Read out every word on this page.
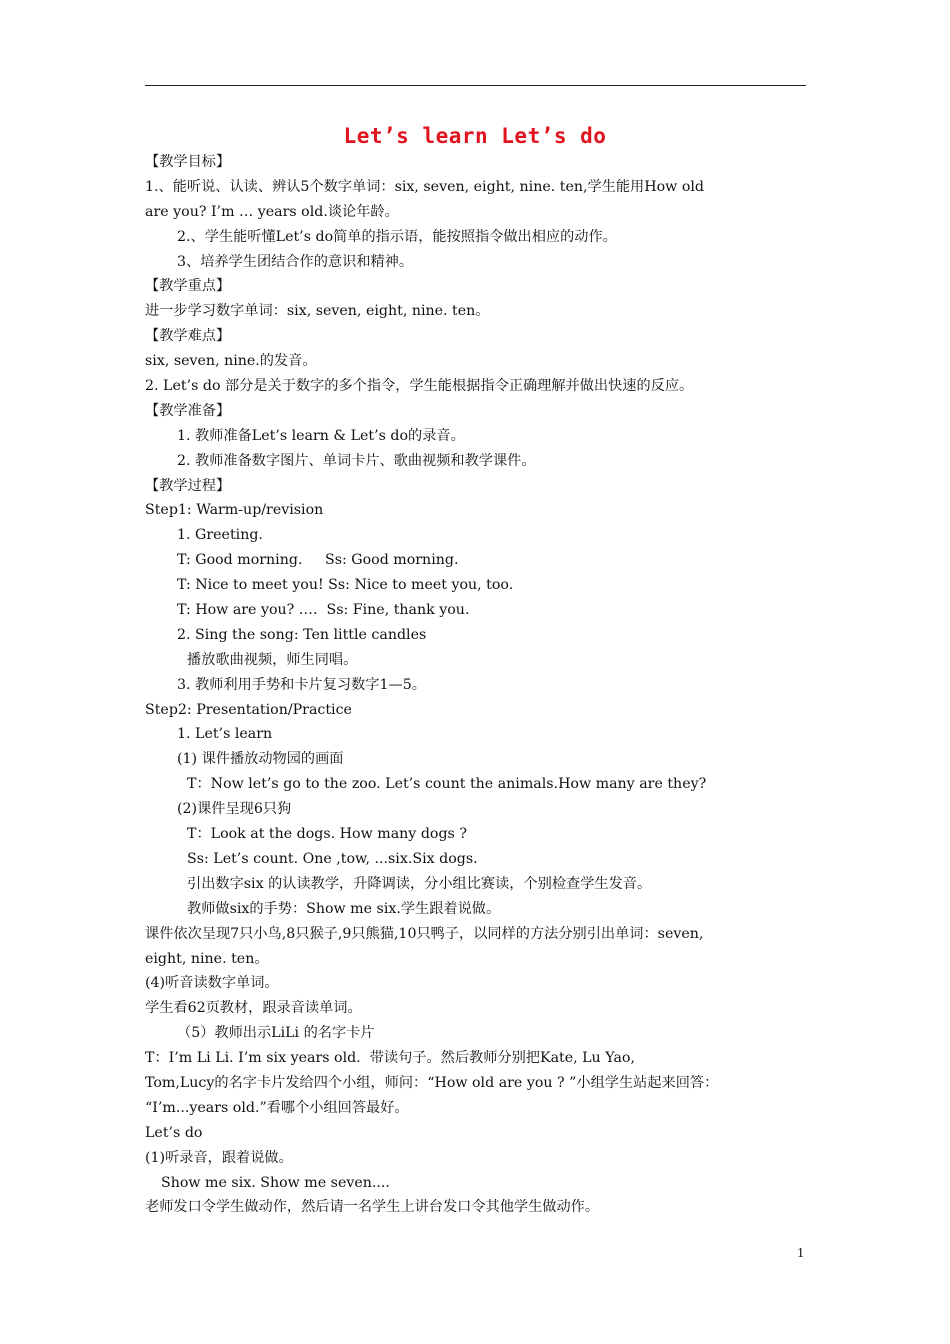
Let’s learn Let’s do
【教学目标】
1.、能听说、认读、辨认5个数字单词：six, seven, eight, nine. ten,学生能用How old
are you? I’m … years old.谈论年龄。
2.、学生能听懂Let’s do简单的指示语，能按照指令做出相应的动作。
3、培养学生团结合作的意识和精神。
【教学重点】
进一步学习数字单词：six, seven, eight, nine. ten。
【教学难点】
six, seven, nine.的发音。
2. Let’s do 部分是关于数字的多个指令，学生能根据指令正确理解并做出快速的反应。
【教学准备】
1. 教师准备Let’s learn & Let’s do的录音。
2. 教师准备数字图片、单词卡片、歌曲视频和教学课件。
【教学过程】
Step1: Warm-up/revision
1. Greeting.
T: Good morning.     Ss: Good morning.
T: Nice to meet you! Ss: Nice to meet you, too.
T: How are you? ….  Ss: Fine, thank you.
2. Sing the song: Ten little candles
播放歌曲视频，师生同唱。
3. 教师利用手势和卡片复习数字1—5。
Step2: Presentation/Practice
1. Let’s learn
(1) 课件播放动物园的画面
T：Now let’s go to the zoo. Let’s count the animals.How many are they?
(2)课件呈现6只狗
T：Look at the dogs. How many dogs ?
Ss: Let’s count. One ,tow, ...six.Six dogs.
引出数字six 的认读教学，升降调读，分小组比赛读，个别检查学生发音。
教师做six的手势：Show me six.学生跟着说做。
课件依次呈现7只小鸟,8只猴子,9只熊猫,10只鸭子，以同样的方法分别引出单词：seven,
eight, nine. ten。
(4)听音读数字单词。
学生看62页教材，跟录音读单词。
（5）教师出示LiLi 的名字卡片
T：I’m Li Li. I’m six years old.  带读句子。然后教师分别把Kate, Lu Yao,
Tom,Lucy的名字卡片发给四个小组，师问：“How old are you ? ”小组学生站起来回答：
“I’m...years old.”看哪个小组回答最好。
Let’s do
(1)听录音，跟着说做。
Show me six. Show me seven....
老师发口令学生做动作，然后请一名学生上讲台发口令其他学生做动作。
1
